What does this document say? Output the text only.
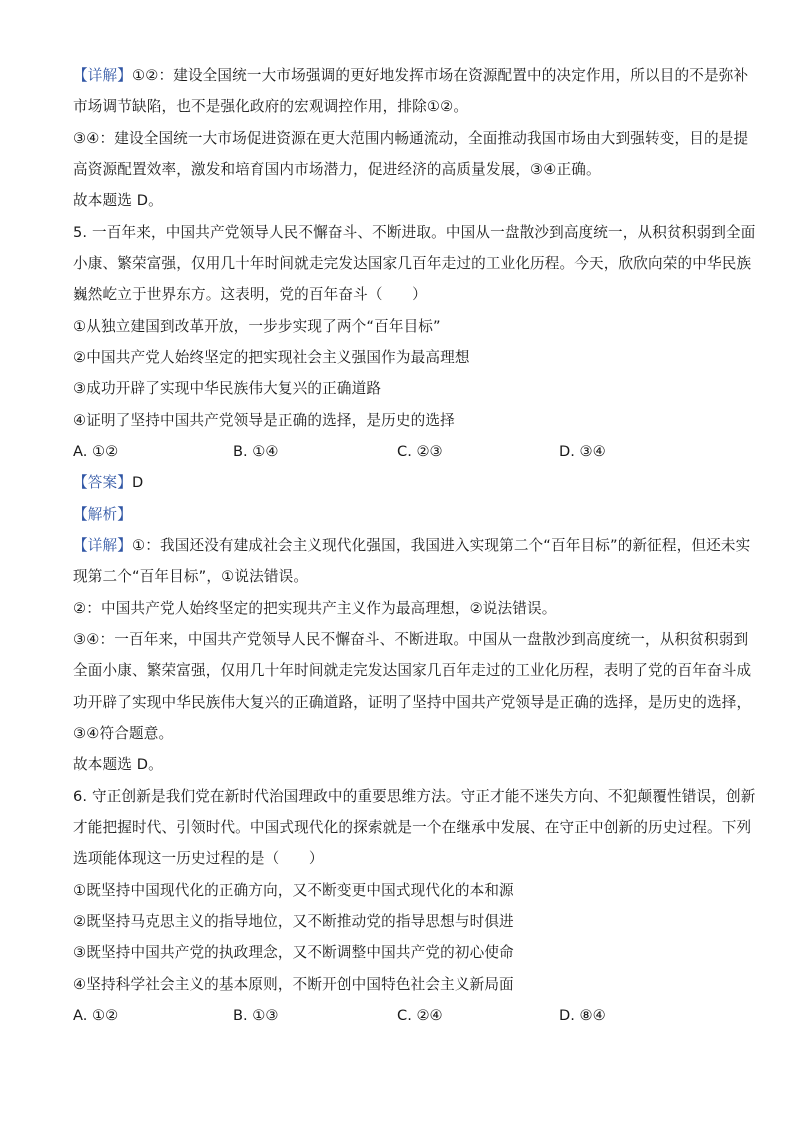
【详解】①②：建设全国统一大市场强调的更好地发挥市场在资源配置中的决定作用，所以目的不是弥补
市场调节缺陷，也不是强化政府的宏观调控作用，排除①②。
③④：建设全国统一大市场促进资源在更大范围内畅通流动，全面推动我国市场由大到强转变，目的是提
高资源配置效率，激发和培育国内市场潜力，促进经济的高质量发展，③④正确。
故本题选 D。
5. 一百年来，中国共产党领导人民不懈奋斗、不断进取。中国从一盘散沙到高度统一，从积贫积弱到全面
小康、繁荣富强，仅用几十年时间就走完发达国家几百年走过的工业化历程。今天，欣欣向荣的中华民族
巍然屹立于世界东方。这表明，党的百年奋斗（　　）
①从独立建国到改革开放，一步步实现了两个“百年目标”
②中国共产党人始终坚定的把实现社会主义强国作为最高理想
③成功开辟了实现中华民族伟大复兴的正确道路
④证明了坚持中国共产党领导是正确的选择，是历史的选择
A. ①②	B. ①④	C. ②③	D. ③④
【答案】D
【解析】
【详解】①：我国还没有建成社会主义现代化强国，我国进入实现第二个“百年目标”的新征程，但还未实
现第二个“百年目标”，①说法错误。
②：中国共产党人始终坚定的把实现共产主义作为最高理想，②说法错误。
③④：一百年来，中国共产党领导人民不懈奋斗、不断进取。中国从一盘散沙到高度统一，从积贫积弱到
全面小康、繁荣富强，仅用几十年时间就走完发达国家几百年走过的工业化历程，表明了党的百年奋斗成
功开辟了实现中华民族伟大复兴的正确道路，证明了坚持中国共产党领导是正确的选择，是历史的选择，
③④符合题意。
故本题选 D。
6. 守正创新是我们党在新时代治国理政中的重要思维方法。守正才能不迷失方向、不犯颠覆性错误，创新
才能把握时代、引领时代。中国式现代化的探索就是一个在继承中发展、在守正中创新的历史过程。下列
选项能体现这一历史过程的是（　　）
①既坚持中国现代化的正确方向，又不断变更中国式现代化的本和源
②既坚持马克思主义的指导地位，又不断推动党的指导思想与时俱进
③既坚持中国共产党的执政理念，又不断调整中国共产党的初心使命
④坚持科学社会主义的基本原则，不断开创中国特色社会主义新局面
A. ①②	B. ①③	C. ②④	D. ⑧④
